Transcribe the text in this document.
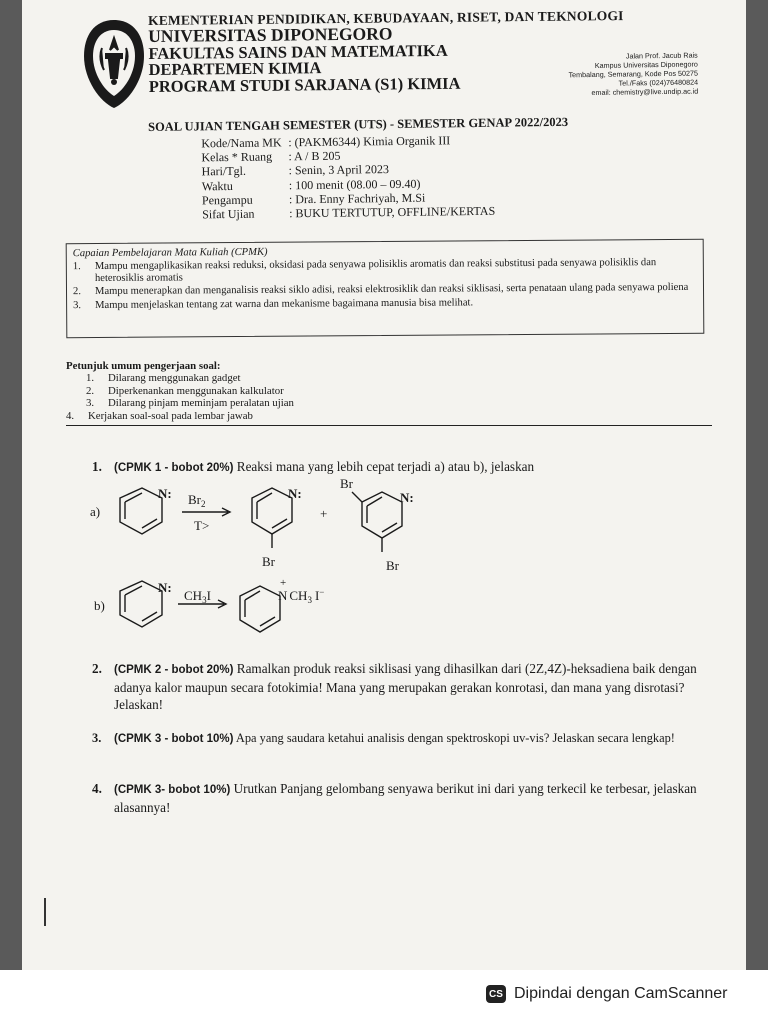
KEMENTERIAN PENDIDIKAN, KEBUDAYAAN, RISET, DAN TEKNOLOGI
UNIVERSITAS DIPONEGORO
FAKULTAS SAINS DAN MATEMATIKA
DEPARTEMEN KIMIA
PROGRAM STUDI SARJANA (S1) KIMIA
Jalan Prof. Jacub Rais
Kampus Universitas Diponegoro
Tembalang, Semarang, Kode Pos 50275
Tel./Faks (024)76480824
email: chemistry@live.undip.ac.id
SOAL UJIAN TENGAH SEMESTER (UTS) - SEMESTER GENAP 2022/2023
Kode/Nama MK : (PAKM6344) Kimia Organik III
Kelas * Ruang	: A / B 205
Hari/Tgl.	: Senin, 3 April 2023
Waktu	: 100 menit (08.00 – 09.40)
Pengampu	: Dra. Enny Fachriyah, M.Si
Sifat Ujian	: BUKU TERTUTUP, OFFLINE/KERTAS
Capaian Pembelajaran Mata Kuliah (CPMK)
1.	Mampu mengaplikasikan reaksi reduksi, oksidasi pada senyawa polisiklis aromatis dan reaksi substitusi pada senyawa polisiklis dan heterosiklis aromatis
2.	Mampu menerapkan dan menganalisis reaksi siklo adisi, reaksi elektrosiklik dan reaksi siklisasi, serta penataan ulang pada senyawa poliena
3.	Mampu menjelaskan tentang zat warna dan mekanisme bagaimana manusia bisa melihat.
Petunjuk umum pengerjaan soal:
1.	Dilarang menggunakan gadget
2.	Diperkenankan menggunakan kalkulator
3.	Dilarang pinjam meminjam peralatan ujian
4.	Kerjakan soal-soal pada lembar jawab
1. (CPMK 1 - bobot 20%) Reaksi mana yang lebih cepat terjadi a) atau b), jelaskan
a)
N: $Br_2$
T>
N:
Br
+
Br
N:
Br
b)
N:
$CH_3I$
+
N $CH_3$ I−
2. (CPMK 2 - bobot 20%) Ramalkan produk reaksi siklisasi yang dihasilkan dari (2Z,4Z)-heksadiena baik dengan adanya kalor maupun secara fotokimia! Mana yang merupakan gerakan konrotasi, dan mana yang disrotasi? Jelaskan!
3. (CPMK 3 - bobot 10%) Apa yang saudara ketahui analisis dengan spektroskopi uv-vis? Jelaskan secara lengkap!
4. (CPMK 3- bobot 10%) Urutkan Panjang gelombang senyawa berikut ini dari yang terkecil ke terbesar, jelaskan alasannya!
CS Dipindai dengan CamScanner
